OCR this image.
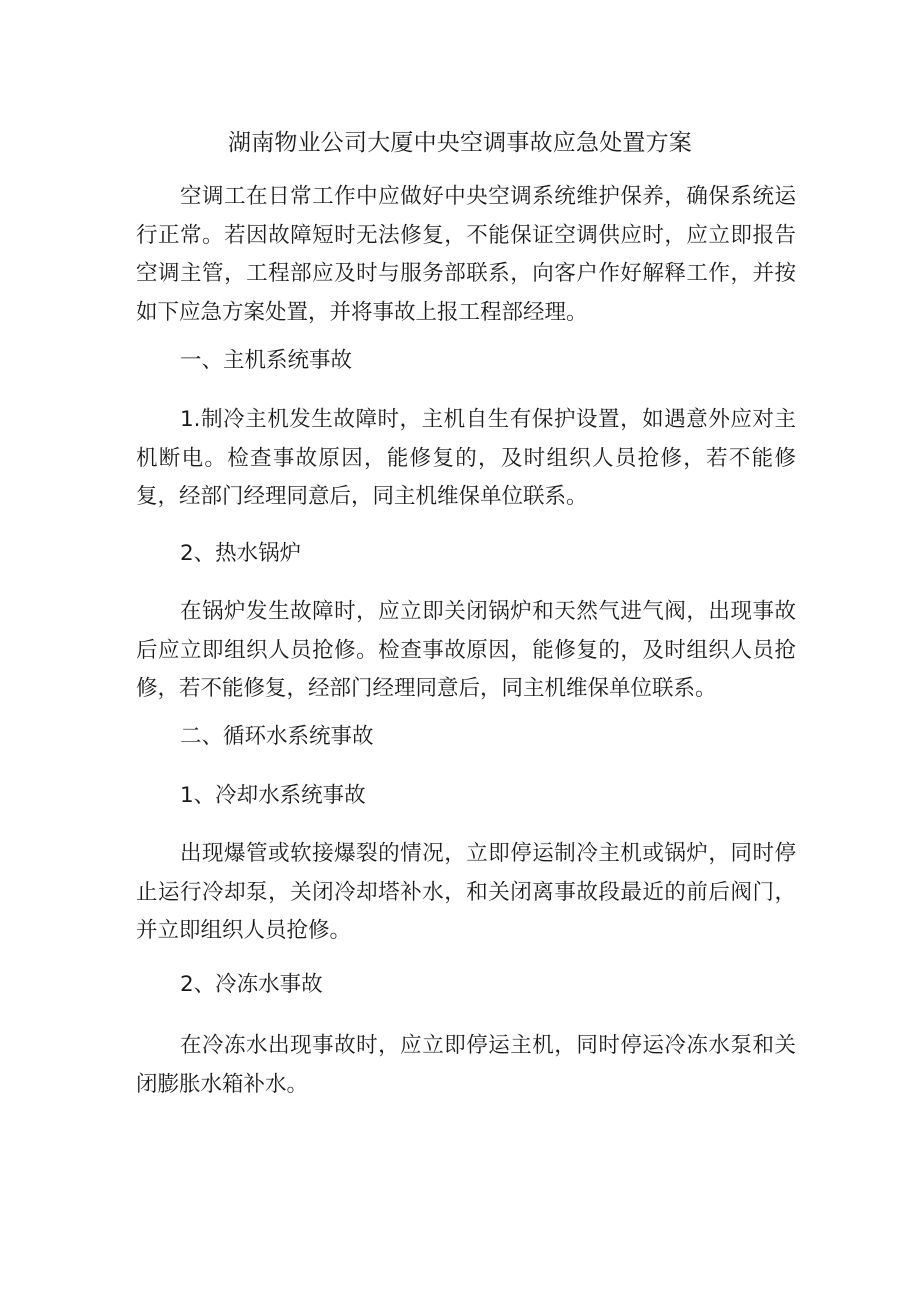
湖南物业公司大厦中央空调事故应急处置方案

空调工在日常工作中应做好中央空调系统维护保养，确保系统运行正常。若因故障短时无法修复，不能保证空调供应时，应立即报告空调主管，工程部应及时与服务部联系，向客户作好解释工作，并按如下应急方案处置，并将事故上报工程部经理。

一、主机系统事故

1.制冷主机发生故障时，主机自生有保护设置，如遇意外应对主机断电。检查事故原因，能修复的，及时组织人员抢修，若不能修复，经部门经理同意后，同主机维保单位联系。

2、热水锅炉

在锅炉发生故障时，应立即关闭锅炉和天然气进气阀，出现事故后应立即组织人员抢修。检查事故原因，能修复的，及时组织人员抢修，若不能修复，经部门经理同意后，同主机维保单位联系。

二、循环水系统事故

1、冷却水系统事故

出现爆管或软接爆裂的情况，立即停运制冷主机或锅炉，同时停止运行冷却泵，关闭冷却塔补水，和关闭离事故段最近的前后阀门，并立即组织人员抢修。

2、冷冻水事故

在冷冻水出现事故时，应立即停运主机，同时停运冷冻水泵和关闭膨胀水箱补水。
